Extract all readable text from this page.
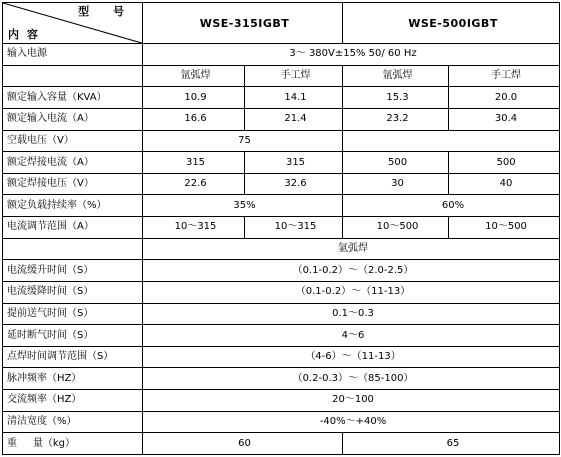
型 号
内 容	WSE-315IGBT		WSE-500IGBT	
输入电源	3～ 380V±15% 50/ 60 Hz			
	氩弧焊	手工焊	氩弧焊	手工焊
额定输入容量（KVA）	10.9	14.1	15.3	20.0
额定输入电流（A）	16.6	21.4	23.2	30.4
空载电压（V）	75			
额定焊接电流（A）	315	315	500	500
额定焊接电压（V）	22.6	32.6	30	40
额定负载持续率（%）	35%		60%	
电流调节范围（A）	10～315	10～315	10～500	10～500
	氩弧焊			
电流缓升时间（S）	（0.1-0.2）～（2.0-2.5）			
电流缓降时间（S）	（0.1-0.2）～（11-13）			
提前送气时间（S）	0.1～0.3			
延时断气时间（S）	4～6			
点焊时间调节范围（S）	（4-6）～（11-13）			
脉冲频率（HZ）	（0.2-0.3）～（85-100）			
交流频率（HZ）	20～100			
清洁宽度（%）	-40%～+40%			
重     量（kg）	60		65	
